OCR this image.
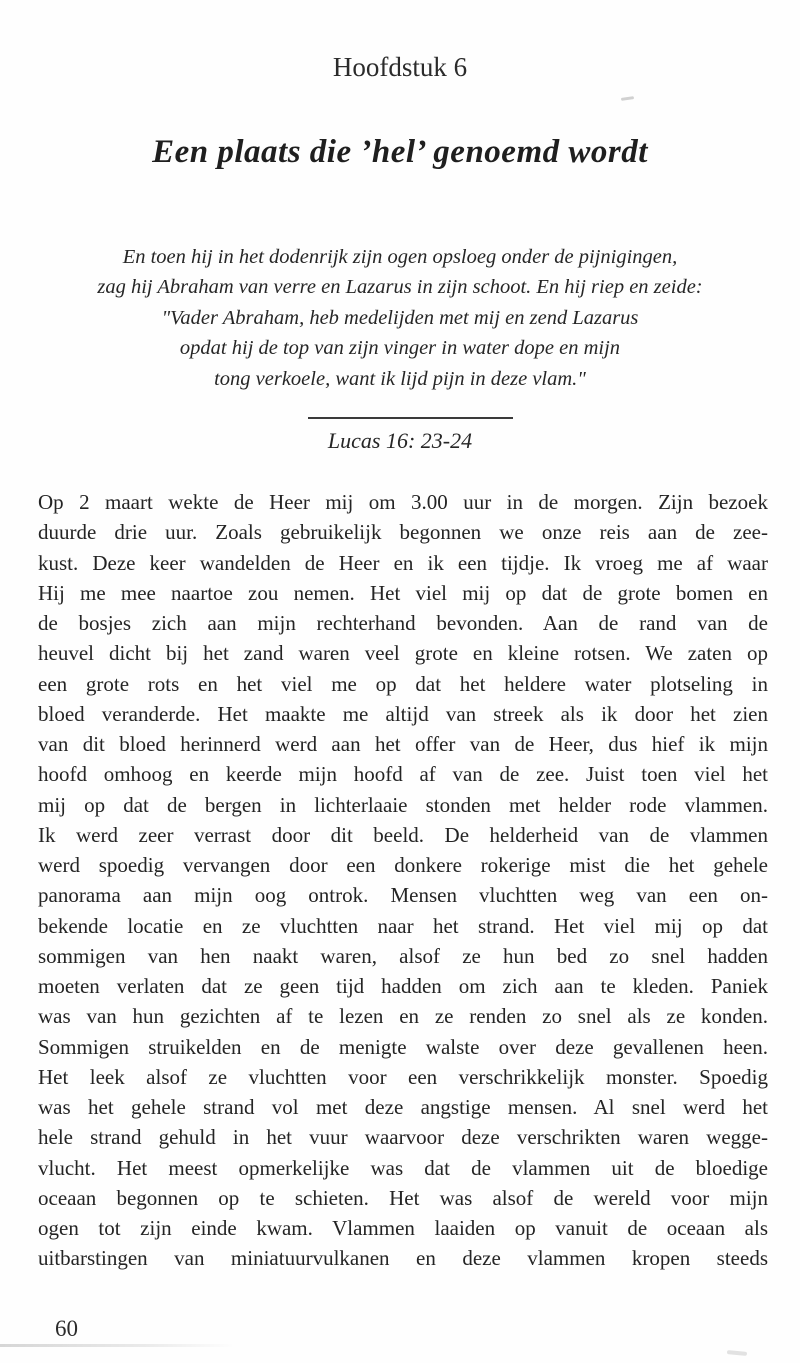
Hoofdstuk 6
Een plaats die ’hel’ genoemd wordt
En toen hij in het dodenrijk zijn ogen opsloeg onder de pijnigingen,
zag hij Abraham van verre en Lazarus in zijn schoot. En hij riep en zeide:
"Vader Abraham, heb medelijden met mij en zend Lazarus
opdat hij de top van zijn vinger in water dope en mijn
tong verkoele, want ik lijd pijn in deze vlam."
Lucas 16: 23-24
Op 2 maart wekte de Heer mij om 3.00 uur in de morgen. Zijn bezoek
duurde drie uur. Zoals gebruikelijk begonnen we onze reis aan de zee-
kust. Deze keer wandelden de Heer en ik een tijdje. Ik vroeg me af waar
Hij me mee naartoe zou nemen. Het viel mij op dat de grote bomen en
de bosjes zich aan mijn rechterhand bevonden. Aan de rand van de
heuvel dicht bij het zand waren veel grote en kleine rotsen. We zaten op
een grote rots en het viel me op dat het heldere water plotseling in
bloed veranderde. Het maakte me altijd van streek als ik door het zien
van dit bloed herinnerd werd aan het offer van de Heer, dus hief ik mijn
hoofd omhoog en keerde mijn hoofd af van de zee. Juist toen viel het
mij op dat de bergen in lichterlaaie stonden met helder rode vlammen.
Ik werd zeer verrast door dit beeld. De helderheid van de vlammen
werd spoedig vervangen door een donkere rokerige mist die het gehele
panorama aan mijn oog ontrok. Mensen vluchtten weg van een on-
bekende locatie en ze vluchtten naar het strand. Het viel mij op dat
sommigen van hen naakt waren, alsof ze hun bed zo snel hadden
moeten verlaten dat ze geen tijd hadden om zich aan te kleden. Paniek
was van hun gezichten af te lezen en ze renden zo snel als ze konden.
Sommigen struikelden en de menigte walste over deze gevallenen heen.
Het leek alsof ze vluchtten voor een verschrikkelijk monster. Spoedig
was het gehele strand vol met deze angstige mensen. Al snel werd het
hele strand gehuld in het vuur waarvoor deze verschrikten waren wegge-
vlucht. Het meest opmerkelijke was dat de vlammen uit de bloedige
oceaan begonnen op te schieten. Het was alsof de wereld voor mijn
ogen tot zijn einde kwam. Vlammen laaiden op vanuit de oceaan als
uitbarstingen van miniatuurvulkanen en deze vlammen kropen steeds
60
